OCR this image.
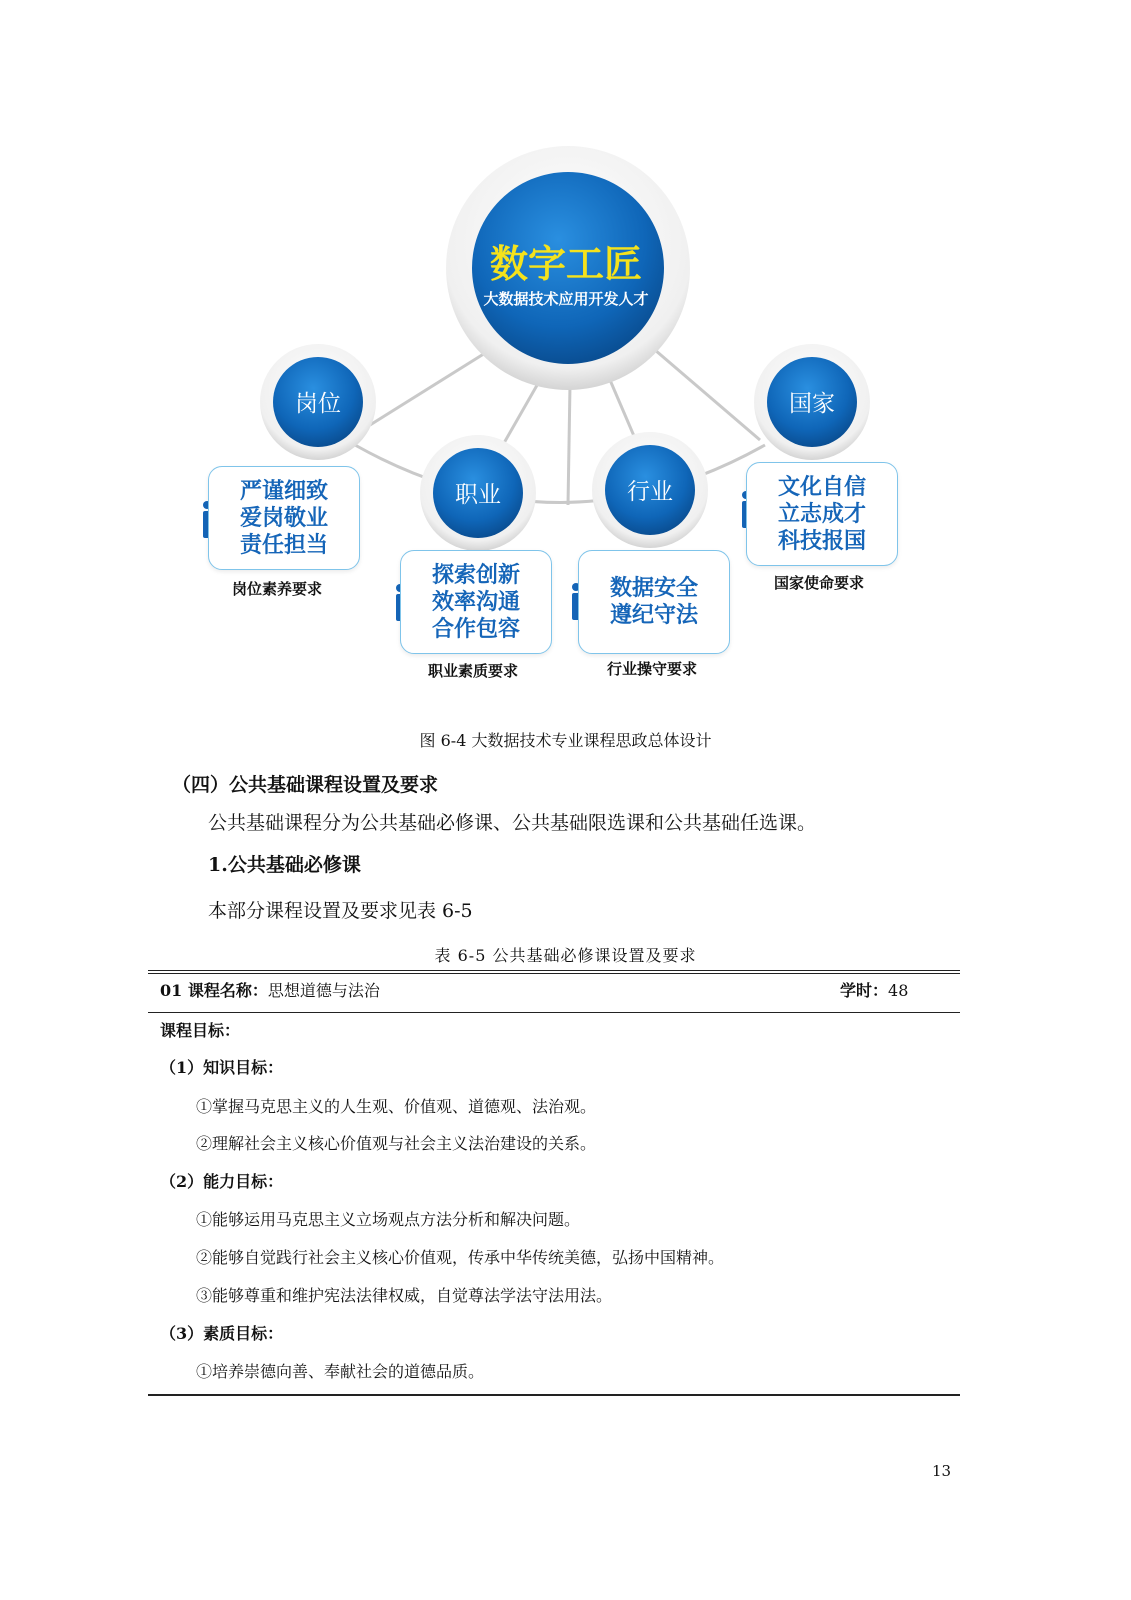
数字工匠
大数据技术应用开发人才
岗位
职业	行业
国家
严谨细致
爱岗敬业
责任担当
探索创新
效率沟通
合作包容
数据安全
遵纪守法
文化自信
立志成才
科技报国
岗位素养要求
职业素质要求	行业操守要求
国家使命要求
图 6-4 大数据技术专业课程思政总体设计
（四）公共基础课程设置及要求
公共基础课程分为公共基础必修课、公共基础限选课和公共基础任选课。
1.公共基础必修课
本部分课程设置及要求见表 6-5
表 6-5 公共基础必修课设置及要求
01 课程名称：思想道德与法治	学时：48
课程目标：
（1）知识目标：
①掌握马克思主义的人生观、价值观、道德观、法治观。
②理解社会主义核心价值观与社会主义法治建设的关系。
（2）能力目标：
①能够运用马克思主义立场观点方法分析和解决问题。
②能够自觉践行社会主义核心价值观，传承中华传统美德，弘扬中国精神。
③能够尊重和维护宪法法律权威，自觉尊法学法守法用法。
（3）素质目标：
①培养崇德向善、奉献社会的道德品质。
13
